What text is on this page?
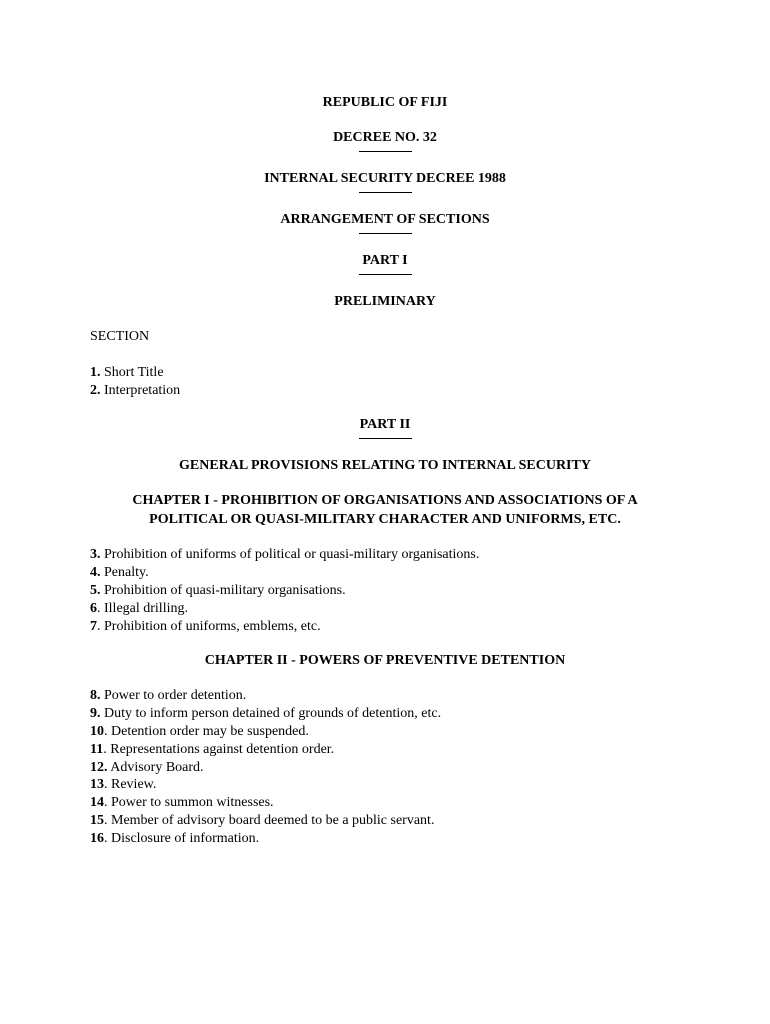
REPUBLIC OF FIJI
DECREE NO. 32
INTERNAL SECURITY DECREE 1988
ARRANGEMENT OF SECTIONS
PART I
PRELIMINARY
SECTION
1. Short Title
2. Interpretation
PART II
GENERAL PROVISIONS RELATING TO INTERNAL SECURITY
CHAPTER I - PROHIBITION OF ORGANISATIONS AND ASSOCIATIONS OF A
POLITICAL OR QUASI-MILITARY CHARACTER AND UNIFORMS, ETC.
3. Prohibition of uniforms of political or quasi-military organisations.
4. Penalty.
5. Prohibition of quasi-military organisations.
6. Illegal drilling.
7. Prohibition of uniforms, emblems, etc.
CHAPTER II - POWERS OF PREVENTIVE DETENTION
8. Power to order detention.
9. Duty to inform person detained of grounds of detention, etc.
10. Detention order may be suspended.
11. Representations against detention order.
12. Advisory Board.
13. Review.
14. Power to summon witnesses.
15. Member of advisory board deemed to be a public servant.
16. Disclosure of information.
